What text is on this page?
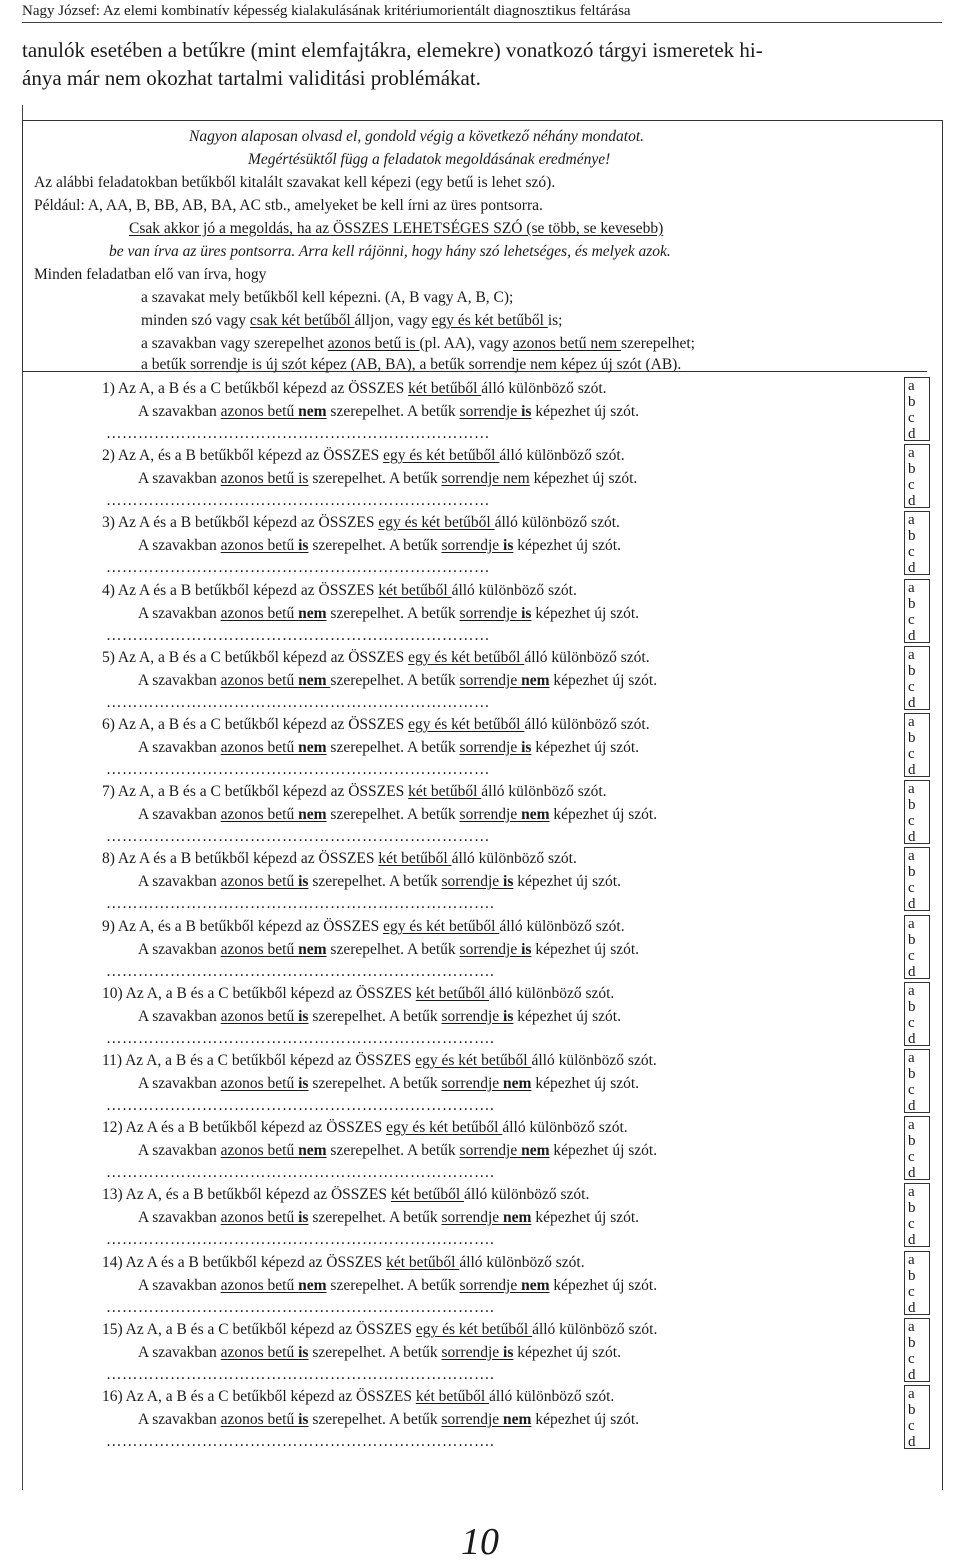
Nagy József: Az elemi kombinatív képesség kialakulásának kritériumorientált diagnosztikus feltárása
tanulók esetében a betűkre (mint elemfajtákra, elemekre) vonatkozó tárgyi ismeretek hi-
ánya már nem okozhat tartalmi validitási problémákat.
Nagyon alaposan olvasd el, gondold végig a következő néhány mondatot.
Megértésüktől függ a feladatok megoldásának eredménye!
Az alábbi feladatokban betűkből kitalált szavakat kell képezi (egy betű is lehet szó).
Például: A, AA, B, BB, AB, BA, AC stb., amelyeket be kell írni az üres pontsorra.
Csak akkor jó a megoldás, ha az ÖSSZES LEHETSÉGES SZÓ (se több, se kevesebb)
be van írva az üres pontsorra. Arra kell rájönni, hogy hány szó lehetséges, és melyek azok.
Minden feladatban elő van írva, hogy
a szavakat mely betűkből kell képezni. (A, B vagy A, B, C);
minden szó vagy csak két betűből álljon, vagy egy és két betűből is;
a szavakban vagy szerepelhet azonos betű is (pl. AA), vagy azonos betű nem szerepelhet;
a betűk sorrendje is új szót képez (AB, BA), a betűk sorrendje nem képez új szót (AB).
1) Az A, a B és a C betűkből képezd az ÖSSZES két betűből álló különböző szót.
A szavakban azonos betű nem szerepelhet. A betűk sorrendje is képezhet új szót.
………………………………………………………………
a
b
c
d
2) Az A, és a B betűkből képezd az ÖSSZES egy és két betűből álló különböző szót.
A szavakban azonos betű is szerepelhet. A betűk sorrendje nem képezhet új szót.
………………………………………………………………
a
b
c
d
3) Az A és a B betűkből képezd az ÖSSZES egy és két betűből álló különböző szót.
A szavakban azonos betű is szerepelhet. A betűk sorrendje is képezhet új szót.
………………………………………………………………
a
b
c
d
4) Az A és a B betűkből képezd az ÖSSZES két betűből álló különböző szót.
A szavakban azonos betű nem szerepelhet. A betűk sorrendje is képezhet új szót.
………………………………………………………………
a
b
c
d
5) Az A, a B és a C betűkből képezd az ÖSSZES egy és két betűből álló különböző szót.
A szavakban azonos betű nem szerepelhet. A betűk sorrendje nem képezhet új szót.
………………………………………………………………
a
b
c
d
6) Az A, a B és a C betűkből képezd az ÖSSZES egy és két betűből álló különböző szót.
A szavakban azonos betű nem szerepelhet. A betűk sorrendje is képezhet új szót.
………………………………………………………………
a
b
c
d
7) Az A, a B és a C betűkből képezd az ÖSSZES két betűből álló különböző szót.
A szavakban azonos betű nem szerepelhet. A betűk sorrendje nem képezhet új szót.
………………………………………………………………
a
b
c
d
8) Az A és a B betűkből képezd az ÖSSZES két betűből álló különböző szót.
A szavakban azonos betű is szerepelhet. A betűk sorrendje is képezhet új szót.
……………………………………………………………….
a
b
c
d
9) Az A, és a B betűkből képezd az ÖSSZES egy és két betűből álló különböző szót.
A szavakban azonos betű nem szerepelhet. A betűk sorrendje is képezhet új szót.
……………………………………………………………….
a
b
c
d
10) Az A, a B és a C betűkből képezd az ÖSSZES két betűből álló különböző szót.
A szavakban azonos betű is szerepelhet. A betűk sorrendje is képezhet új szót.
……………………………………………………………….
a
b
c
d
11) Az A, a B és a C betűkből képezd az ÖSSZES egy és két betűből álló különböző szót.
A szavakban azonos betű is szerepelhet. A betűk sorrendje nem képezhet új szót.
……………………………………………………………….
a
b
c
d
12) Az A és a B betűkből képezd az ÖSSZES egy és két betűből álló különböző szót.
A szavakban azonos betű nem szerepelhet. A betűk sorrendje nem képezhet új szót.
……………………………………………………………….
a
b
c
d
13) Az A, és a B betűkből képezd az ÖSSZES két betűből álló különböző szót.
A szavakban azonos betű is szerepelhet. A betűk sorrendje nem képezhet új szót.
……………………………………………………………….
a
b
c
d
14) Az A és a B betűkből képezd az ÖSSZES két betűből álló különböző szót.
A szavakban azonos betű nem szerepelhet. A betűk sorrendje nem képezhet új szót.
……………………………………………………………….
a
b
c
d
15) Az A, a B és a C betűkből képezd az ÖSSZES egy és két betűből álló különböző szót.
A szavakban azonos betű is szerepelhet. A betűk sorrendje is képezhet új szót.
……………………………………………………………….
a
b
c
d
16) Az A, a B és a C betűkből képezd az ÖSSZES két betűből álló különböző szót.
A szavakban azonos betű is szerepelhet. A betűk sorrendje nem képezhet új szót.
……………………………………………………………….
a
b
c
d
10
